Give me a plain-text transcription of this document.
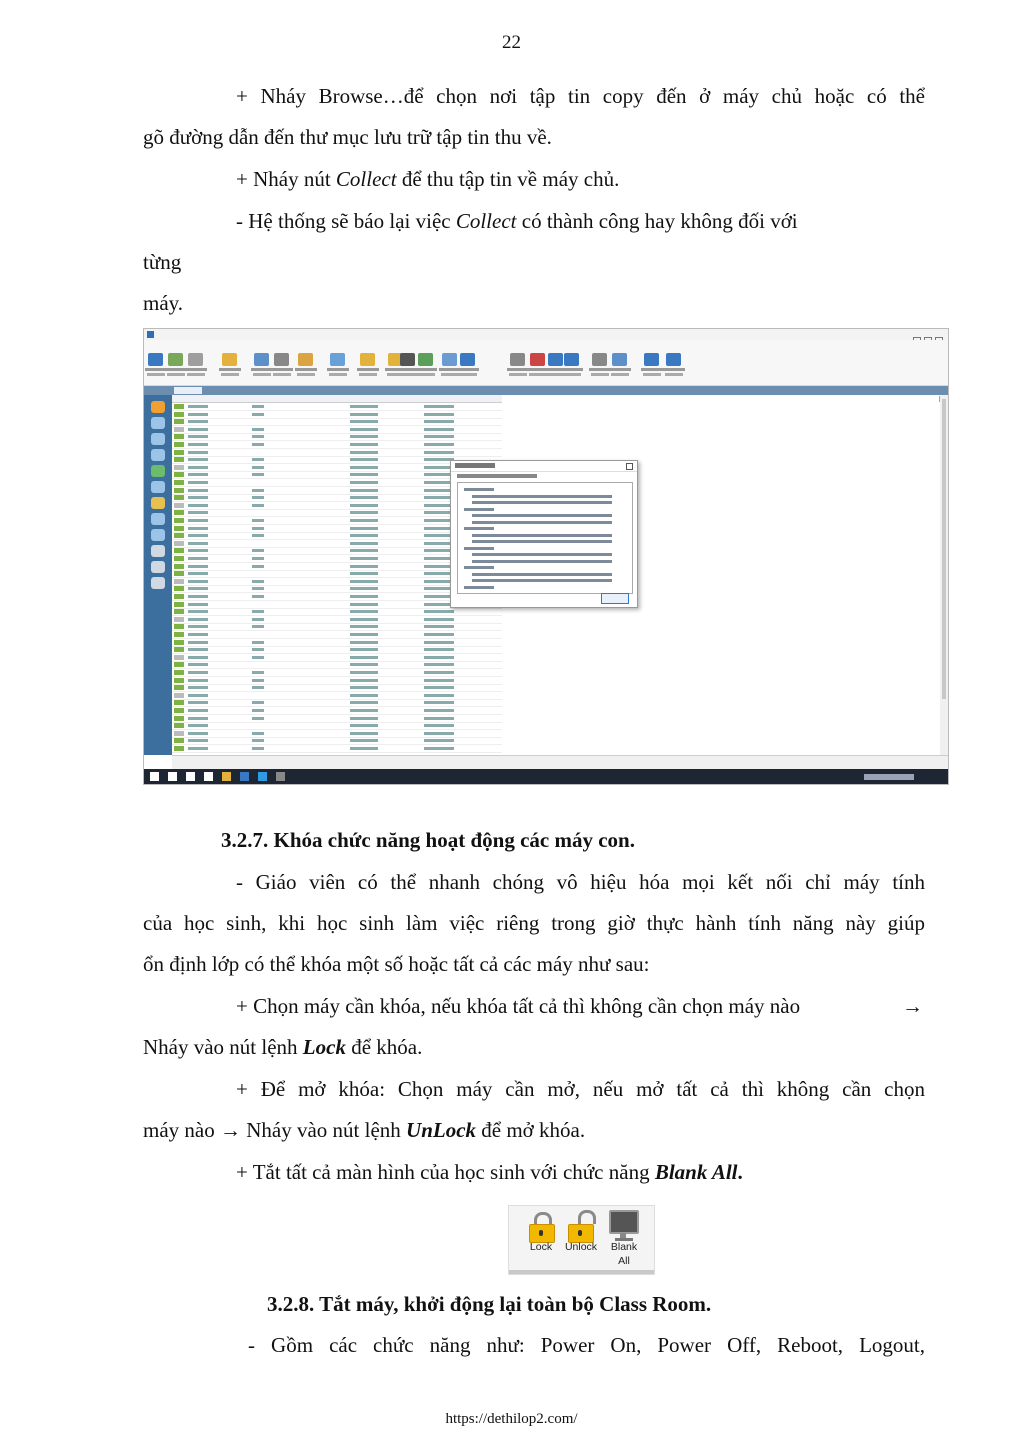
22
+ Nháy Browse…để chọn nơi tập tin copy đến ở máy chủ hoặc có thể
gõ đường dẫn đến thư mục lưu trữ tập tin thu về.
+ Nháy nút Collect để thu tập tin về máy chủ.
- Hệ thống sẽ báo lại việc Collect có thành công hay không đối với
từng
máy.
3.2.7. Khóa chức năng hoạt động các máy con.
- Giáo viên có thể nhanh chóng vô hiệu hóa mọi kết nối chỉ máy tính
của học sinh, khi học sinh làm việc riêng trong giờ thực hành tính năng này giúp
ổn định lớp có thể khóa một số hoặc tất cả các máy như sau:
+ Chọn máy cần khóa, nếu khóa tất cả thì không cần chọn máy nào	→
Nháy vào nút lệnh Lock để khóa.
+ Để mở khóa: Chọn máy cần mở, nếu mở tất cả thì không cần chọn
máy nào → Nháy vào nút lệnh UnLock để mở khóa.
+ Tắt tất cả màn hình của học sinh với chức năng Blank All.
Lock	Unlock	Blank
All
3.2.8. Tắt máy, khởi động lại toàn bộ Class Room.
- Gồm các chức năng như: Power On, Power Off, Reboot, Logout,
https://dethilop2.com/
